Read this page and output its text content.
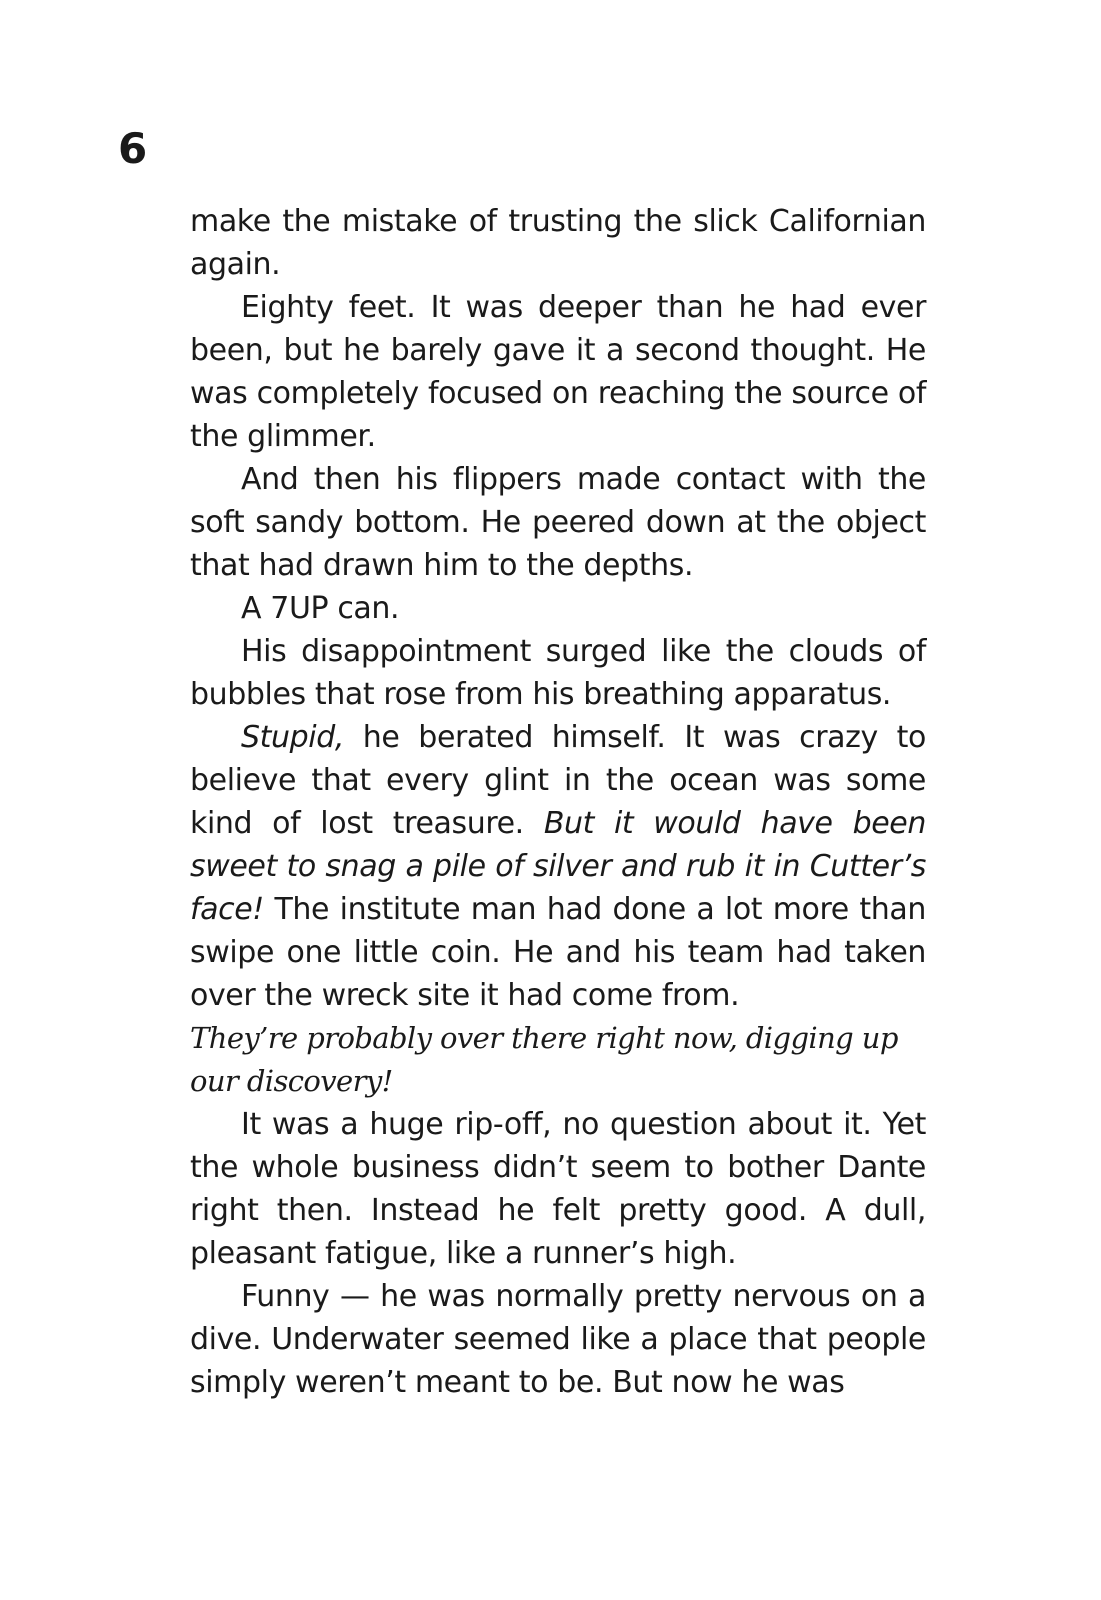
6

make the mistake of trusting the slick Californian again.

Eighty feet. It was deeper than he had ever been, but he barely gave it a second thought. He was completely focused on reaching the source of the glimmer.

And then his flippers made contact with the soft sandy bottom. He peered down at the object that had drawn him to the depths.

A 7UP can.

His disappointment surged like the clouds of bubbles that rose from his breathing apparatus.

Stupid, he berated himself. It was crazy to believe that every glint in the ocean was some kind of lost treasure. But it would have been sweet to snag a pile of silver and rub it in Cutter’s face! The institute man had done a lot more than swipe one little coin. He and his team had taken over the wreck site it had come from.

They’re probably over there right now, digging up our discovery!

It was a huge rip-off, no question about it. Yet the whole business didn’t seem to bother Dante right then. Instead he felt pretty good. A dull, pleasant fatigue, like a runner’s high.

Funny — he was normally pretty nervous on a dive. Underwater seemed like a place that people simply weren’t meant to be. But now he was
